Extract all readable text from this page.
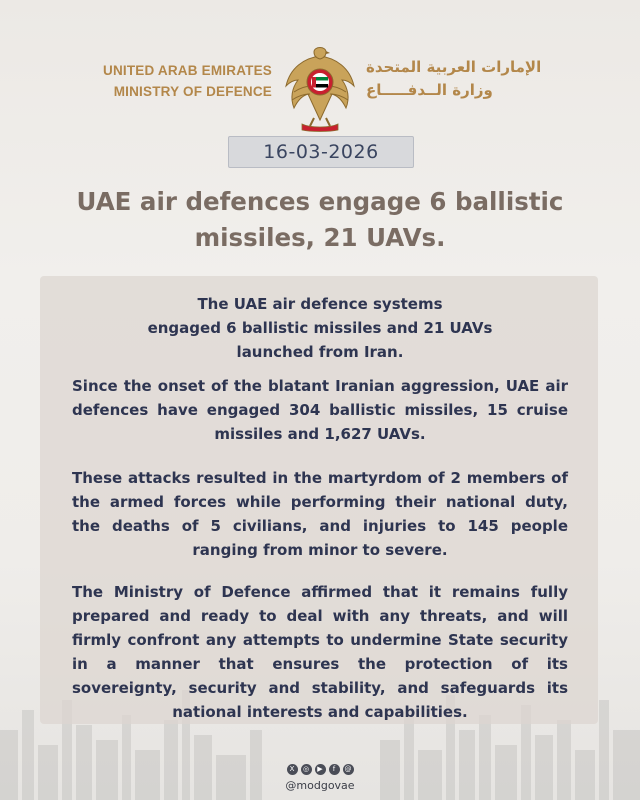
UNITED ARAB EMIRATES
MINISTRY OF DEFENCE
الإمارات العربية المتحدة
وزارة الــدفـــــاع
16-03-2026
UAE air defences engage 6 ballistic
missiles, 21 UAVs.
The UAE air defence systems
engaged 6 ballistic missiles and 21 UAVs
launched from Iran.
Since the onset of the blatant Iranian aggression, UAE air defences have engaged 304 ballistic missiles, 15 cruise missiles and 1,627 UAVs.
These attacks resulted in the martyrdom of 2 members of the armed forces while performing their national duty, the deaths of 5 civilians, and injuries to 145 people ranging from minor to severe.
The Ministry of Defence affirmed that it remains fully prepared and ready to deal with any threats, and will firmly confront any attempts to undermine State security in a manner that ensures the protection of its sovereignty, security and stability, and safeguards its national interests and capabilities.
X	◎	▶	f	@
@modgovae
